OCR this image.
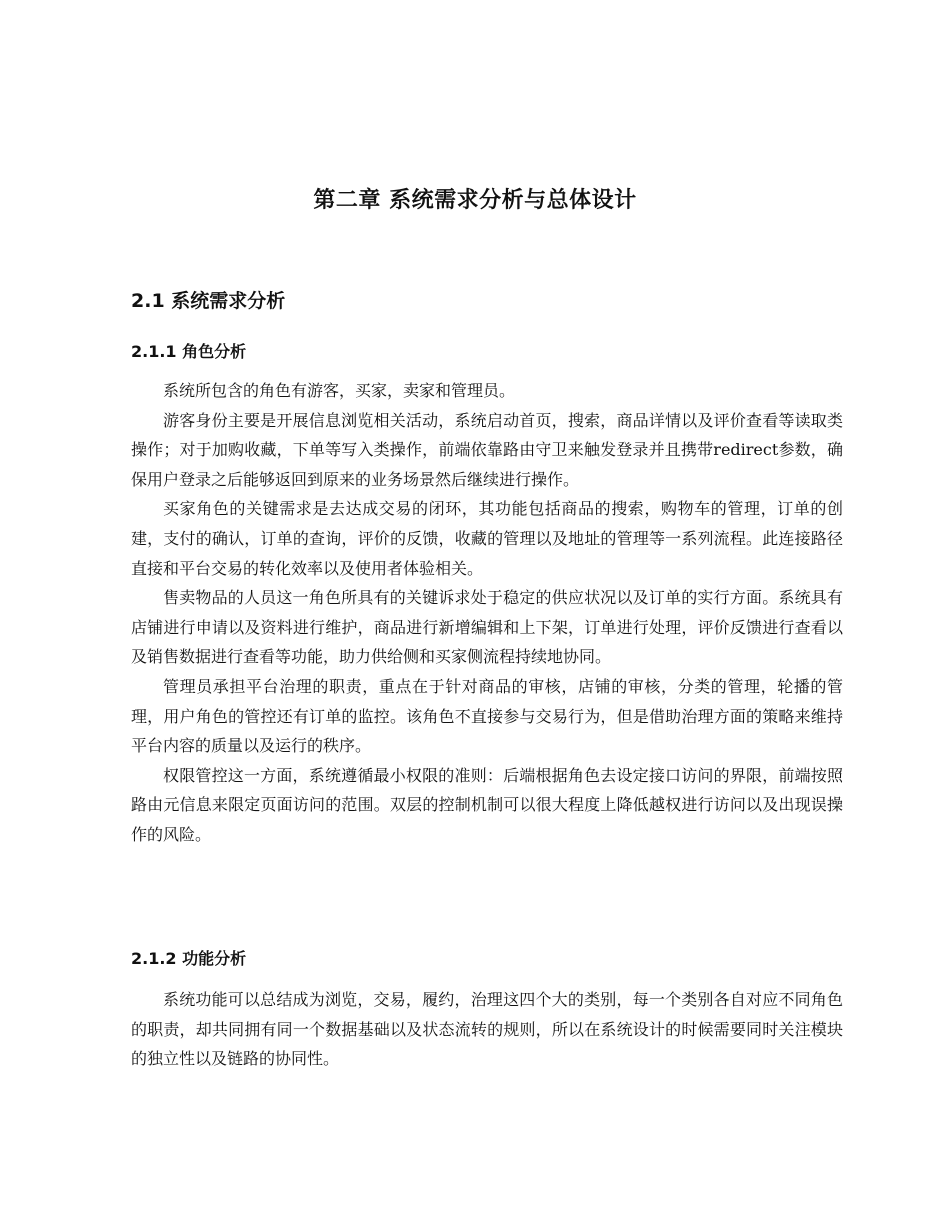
第二章 系统需求分析与总体设计
2.1 系统需求分析
2.1.1 角色分析

系统所包含的角色有游客，买家，卖家和管理员。

游客身份主要是开展信息浏览相关活动，系统启动首页，搜索，商品详情以及评价查看等读取类操作；对于加购收藏，下单等写入类操作，前端依靠路由守卫来触发登录并且携带redirect参数，确保用户登录之后能够返回到原来的业务场景然后继续进行操作。

买家角色的关键需求是去达成交易的闭环，其功能包括商品的搜索，购物车的管理，订单的创建，支付的确认，订单的查询，评价的反馈，收藏的管理以及地址的管理等一系列流程。此连接路径直接和平台交易的转化效率以及使用者体验相关。

售卖物品的人员这一角色所具有的关键诉求处于稳定的供应状况以及订单的实行方面。系统具有店铺进行申请以及资料进行维护，商品进行新增编辑和上下架，订单进行处理，评价反馈进行查看以及销售数据进行查看等功能，助力供给侧和买家侧流程持续地协同。

管理员承担平台治理的职责，重点在于针对商品的审核，店铺的审核，分类的管理，轮播的管理，用户角色的管控还有订单的监控。该角色不直接参与交易行为，但是借助治理方面的策略来维持平台内容的质量以及运行的秩序。

权限管控这一方面，系统遵循最小权限的准则：后端根据角色去设定接口访问的界限，前端按照路由元信息来限定页面访问的范围。双层的控制机制可以很大程度上降低越权进行访问以及出现误操作的风险。

2.1.2 功能分析

系统功能可以总结成为浏览，交易，履约，治理这四个大的类别，每一个类别各自对应不同角色的职责，却共同拥有同一个数据基础以及状态流转的规则，所以在系统设计的时候需要同时关注模块的独立性以及链路的协同性。
